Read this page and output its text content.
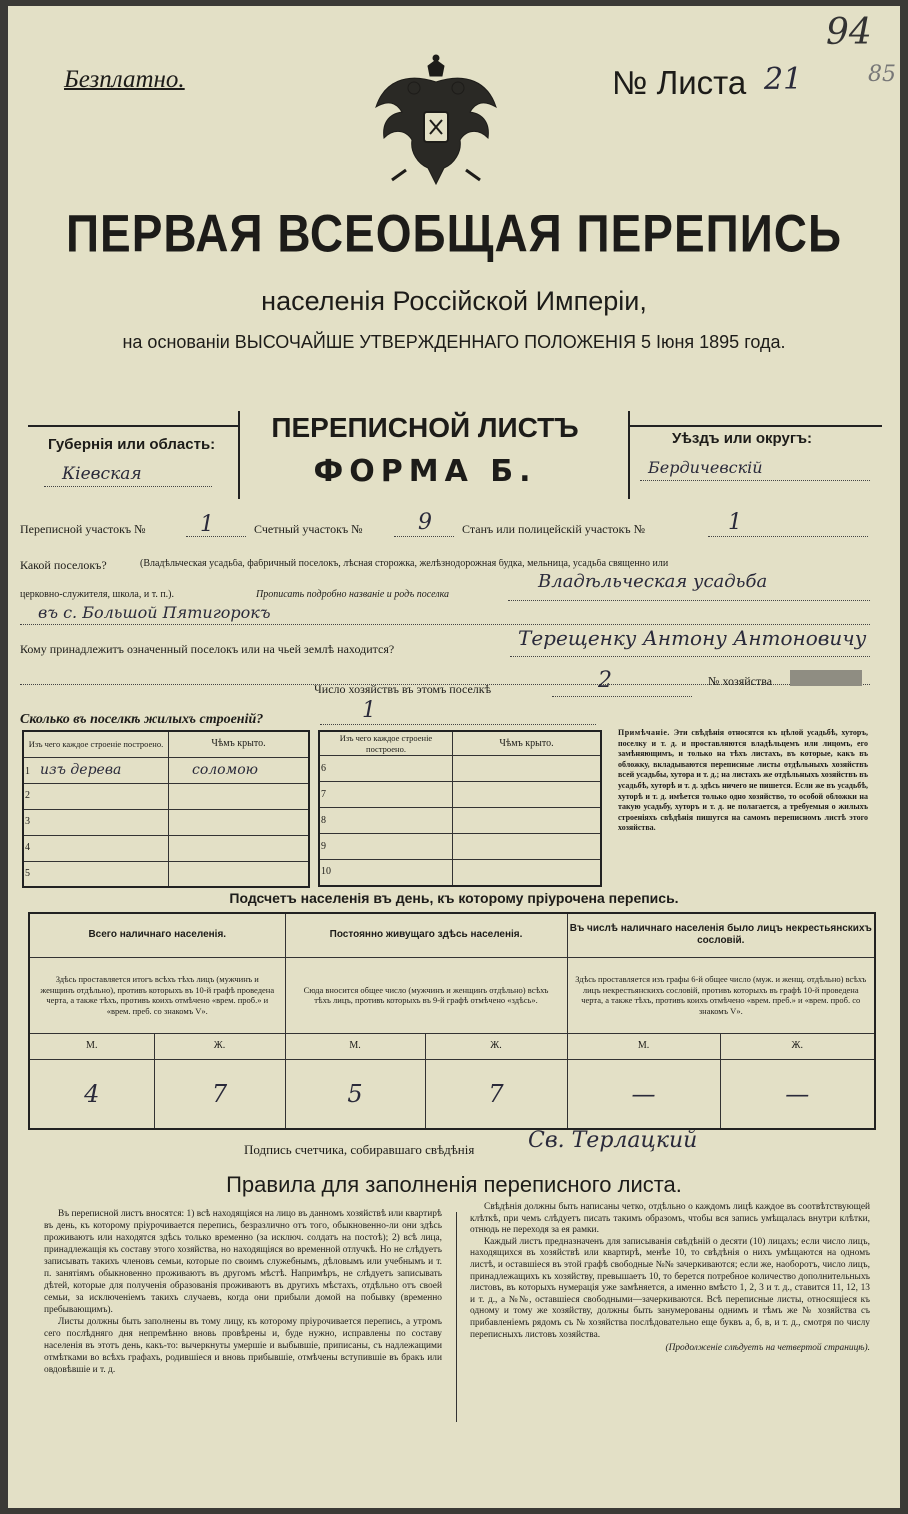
Безплатно.	№ Листа 21
94
85
ПЕРВАЯ ВСЕОБЩАЯ ПЕРЕПИСЬ
населенія Россійской Имперіи,
на основаніи ВЫСОЧАЙШЕ УТВЕРЖДЕННАГО ПОЛОЖЕНІЯ 5 Іюня 1895 года.
Губернія или область:
Кіевская
ПЕРЕПИСНОЙ ЛИСТЪ
ФОРМА Б.
Уѣздъ или округъ:
Бердичевскій
Переписной участокъ № 1	Счетный участокъ №	9	Станъ или полицейскій участокъ №	1
Какой поселокъ?	(Владѣльческая усадьба, фабричный поселокъ, лѣсная сторожка, желѣзнодорожная будка, мельница, усадьба священно или
церковно-служителя, школа, и т. п.).	Прописать подробно названіе и родъ поселка
Владѣльческая усадьба
въ с. Большой Пятигорокъ
Кому принадлежитъ означенный поселокъ или на чьей землѣ находится?	Терещенку Антону Антоновичу
Число хозяйствъ въ этомъ поселкѣ	2	№ хозяйства
Сколько въ поселкѣ жилыхъ строеній?	1
Изъ чего каждое строеніе построено.	Чѣмъ крыто.
1 изъ дерева	соломою
2	
3	
4	
5	
Изъ чего каждое строеніе построено.	Чѣмъ крыто.
6	
7	
8	
9	
10	
Примѣчаніе. Эти свѣдѣнія относятся къ цѣлой усадьбѣ, хуторъ, поселку и т. д. и проставляются владѣльцемъ или лицомъ, его замѣняющимъ, и только на тѣхъ листахъ, въ которые, какъ въ обложку, вкладываются переписные листы отдѣльныхъ хозяйствъ всей усадьбы, хутора и т. д.; на листахъ же отдѣльныхъ хозяйствъ въ усадьбѣ, хуторѣ и т. д. здѣсь ничего не пишется. Если же въ усадьбѣ, хуторѣ и т. д. имѣется только одно хозяйство, то особой обложки на такую усадьбу, хуторъ и т. д. не полагается, а требуемыя о жилыхъ строеніяхъ свѣдѣнія пишутся на самомъ переписномъ листѣ этого хозяйства.
Подсчетъ населенія въ день, къ которому пріурочена перепись.
Всего наличнаго населенія.		Постоянно живущаго здѣсь населенія.		Въ числѣ наличнаго населенія было лицъ некрестьянскихъ сословій.	
Здѣсь проставляется итогъ всѣхъ тѣхъ лицъ (мужчинъ и женщинъ отдѣльно), противъ которыхъ въ 10-й графѣ проведена черта, а также тѣхъ, противъ коихъ отмѣчено «врем. проб.» и «врем. преб. со знакомъ V».		Сюда вносится общее число (мужчинъ и женщинъ отдѣльно) всѣхъ тѣхъ лицъ, противъ которыхъ въ 9-й графѣ отмѣчено «здѣсь».		Здѣсь проставляется изъ графы 6-й общее число (муж. и женщ. отдѣльно) всѣхъ лицъ некрестьянскихъ сословій, противъ которыхъ въ графѣ 10-й проведена черта, а также тѣхъ, противъ коихъ отмѣчено «врем. преб.» и «врем. проб. со знакомъ V».	
М.	Ж.	М.	Ж.	М.	Ж.
4	7	5	7	—	—
Подпись счетчика, собиравшаго свѣдѣнія Св. Терлацкий
Правила для заполненія переписного листа.

Въ переписной листъ вносятся: 1) всѣ находящіяся на лицо въ данномъ хозяйствѣ или квартирѣ въ день, къ которому пріурочивается перепись, безразлично отъ того, обыкновенно-ли они здѣсь проживаютъ или находятся здѣсь только временно (за исключ. солдатъ на постоѣ); 2) всѣ лица, принадлежащія къ составу этого хозяйства, но находящіяся во временной отлучкѣ. Но не слѣдуетъ записывать такихъ членовъ семьи, которые по своимъ служебнымъ, дѣловымъ или учебнымъ и т. п. занятіямъ обыкновенно проживаютъ въ другомъ мѣстѣ. Напримѣръ, не слѣдуетъ записывать дѣтей, которые для полученія образованія проживаютъ въ другихъ мѣстахъ, отдѣльно отъ своей семьи, за исключеніемъ такихъ случаевъ, когда они прибыли домой на побывку (временно пребывающимъ).

Листы должны быть заполнены въ тому лицу, къ которому пріурочивается перепись, а утромъ сего послѣдняго дня непремѣнно вновь провѣрены и, буде нужно, исправлены по составу населенія въ этотъ день, какъ-то: вычеркнуты умершіе и выбывшіе, приписаны, съ надлежащими отмѣтками во всѣхъ графахъ, родившіеся и вновь прибывшіе, отмѣчены вступившіе въ бракъ или овдовѣвшіе и т. д.

Свѣдѣнія должны быть написаны четко, отдѣльно о каждомъ лицѣ каждое въ соотвѣтствующей клѣткѣ, при чемъ слѣдуетъ писать такимъ образомъ, чтобы вся запись умѣщалась внутри клѣтки, отнюдь не переходя за ея рамки.

Каждый листъ предназначенъ для записыванія свѣдѣній о десяти (10) лицахъ; если число лицъ, находящихся въ хозяйствѣ или квартирѣ, менѣе 10, то свѣдѣнія о нихъ умѣщаются на одномъ листѣ, и оставшіеся въ этой графѣ свободные №№ зачеркиваются; если же, наоборотъ, число лицъ, принадлежащихъ къ хозяйству, превышаетъ 10, то берется потребное количество дополнительныхъ листовъ, въ которыхъ нумерація уже замѣняется, а именно вмѣсто 1, 2, 3 и т. д., ставится 11, 12, 13 и т. д., а №№, оставшіеся свободными—зачеркиваются. Всѣ переписные листы, относящіеся къ одному и тому же хозяйству, должны быть занумерованы однимъ и тѣмъ же № хозяйства съ прибавленіемъ рядомъ съ № хозяйства послѣдовательно еще буквъ а, б, в, и т. д., смотря по числу переписныхъ листовъ хозяйства.

(Продолженіе слѣдуетъ на четвертой страницѣ).
